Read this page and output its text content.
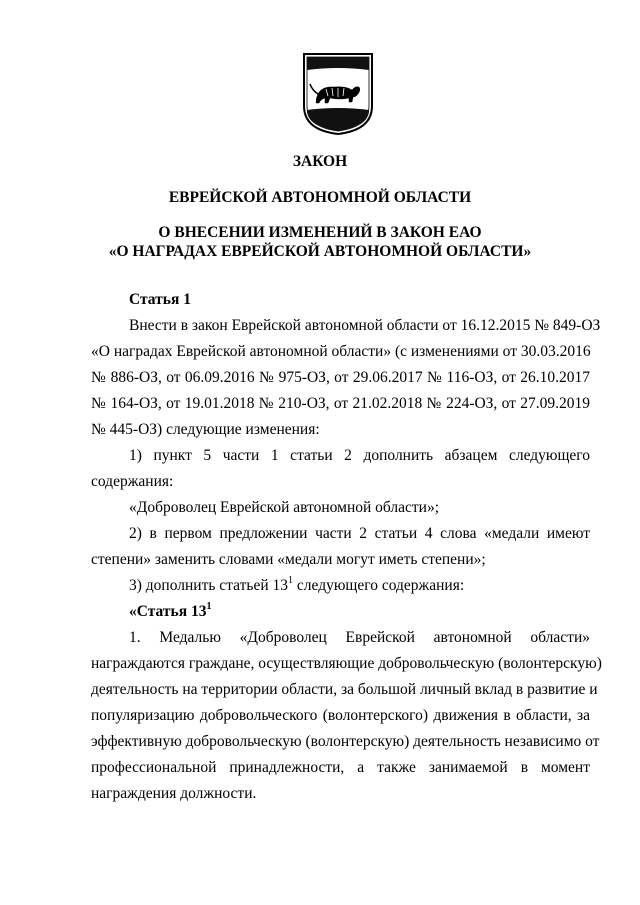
ЗАКОН
ЕВРЕЙСКОЙ АВТОНОМНОЙ ОБЛАСТИ
О ВНЕСЕНИИ ИЗМЕНЕНИЙ В ЗАКОН ЕАО
«О НАГРАДАХ ЕВРЕЙСКОЙ АВТОНОМНОЙ ОБЛАСТИ»
Статья 1
Внести в закон Еврейской автономной области от 16.12.2015 № 849-ОЗ
«О наградах Еврейской автономной области» (с изменениями от 30.03.2016
№ 886-ОЗ, от 06.09.2016 № 975-ОЗ, от 29.06.2017 № 116-ОЗ, от 26.10.2017
№ 164-ОЗ, от 19.01.2018 № 210-ОЗ, от 21.02.2018 № 224-ОЗ, от 27.09.2019
№ 445-ОЗ) следующие изменения:
1) пункт 5 части 1 статьи 2 дополнить абзацем следующего
содержания:
«Доброволец Еврейской автономной области»;
2) в первом предложении части 2 статьи 4 слова «медали имеют
степени» заменить словами «медали могут иметь степени»;
3) дополнить статьей $13^1$ следующего содержания:
«Статья $13^1$
1. Медалью «Доброволец Еврейской автономной области»
награждаются граждане, осуществляющие добровольческую (волонтерскую)
деятельность на территории области, за большой личный вклад в развитие и
популяризацию добровольческого (волонтерского) движения в области, за
эффективную добровольческую (волонтерскую) деятельность независимо от
профессиональной принадлежности, а также занимаемой в момент
награждения должности.
